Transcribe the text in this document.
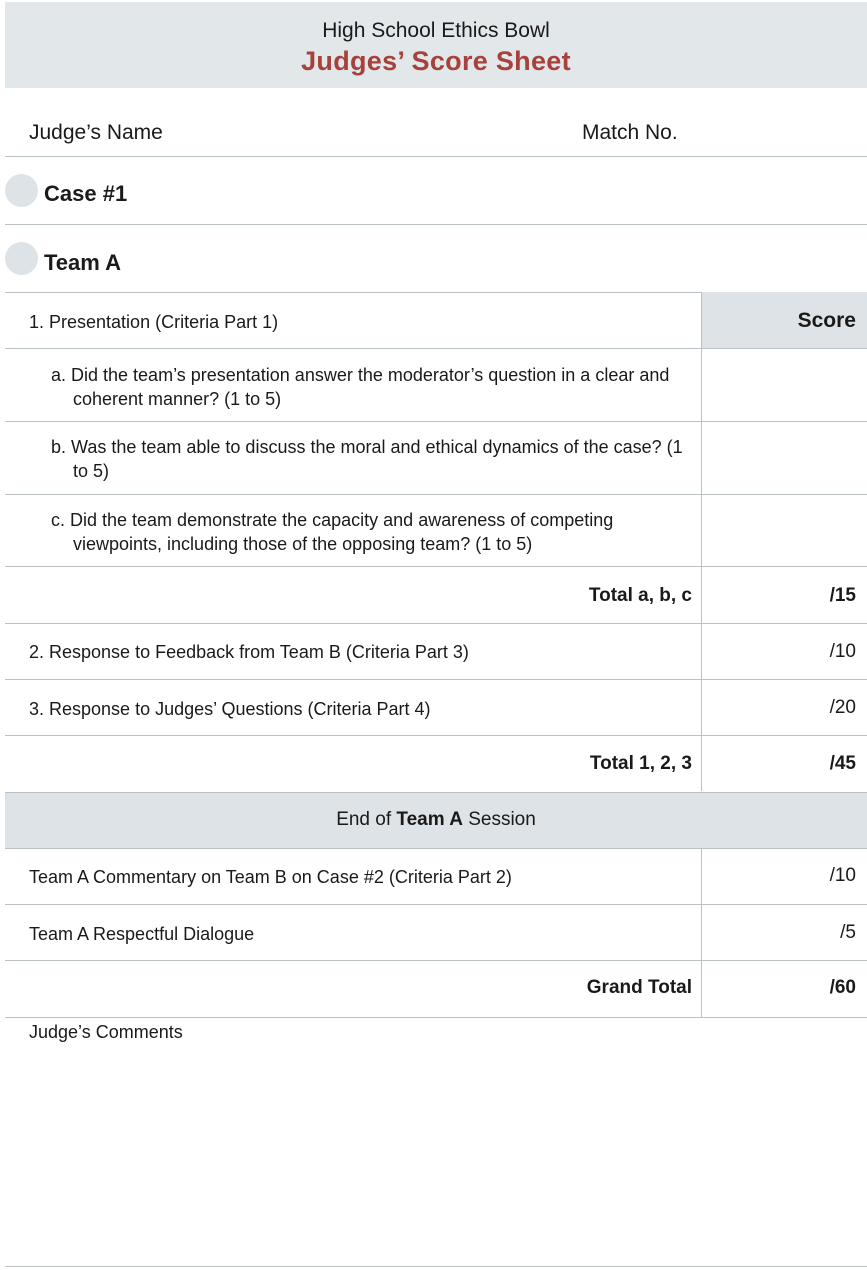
High School Ethics Bowl
Judges’ Score Sheet
Judge’s Name	Match No.
Case #1
Team A
1. Presentation (Criteria Part 1)	Score
a. Did the team’s presentation answer the moderator’s question in a clear and coherent manner? (1 to 5)
b. Was the team able to discuss the moral and ethical dynamics of the case? (1 to 5)
c. Did the team demonstrate the capacity and awareness of competing viewpoints, including those of the opposing team? (1 to 5)
Total a, b, c	/15
2. Response to Feedback from Team B (Criteria Part 3)	/10
3. Response to Judges’ Questions (Criteria Part 4)	/20
Total 1, 2, 3	/45
End of Team A Session
Team A Commentary on Team B on Case #2 (Criteria Part 2)	/10
Team A Respectful Dialogue	/5
Grand Total	/60
Judge’s Comments
